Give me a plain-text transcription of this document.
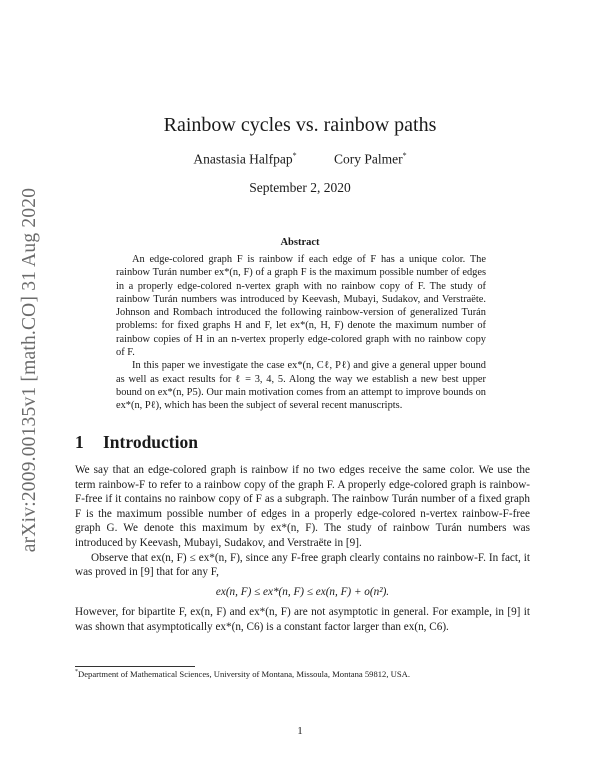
arXiv:2009.00135v1 [math.CO] 31 Aug 2020
Rainbow cycles vs. rainbow paths
Anastasia Halfpap*	Cory Palmer*
September 2, 2020
Abstract

An edge-colored graph F is rainbow if each edge of F has a unique color. The rainbow Turán number ex*(n, F) of a graph F is the maximum possible number of edges in a properly edge-colored n-vertex graph with no rainbow copy of F. The study of rainbow Turán numbers was introduced by Keevash, Mubayi, Sudakov, and Verstraëte. Johnson and Rombach introduced the following rainbow-version of generalized Turán problems: for fixed graphs H and F, let ex*(n, H, F) denote the maximum number of rainbow copies of H in an n-vertex properly edge-colored graph with no rainbow copy of F.

In this paper we investigate the case ex*(n, Cℓ, Pℓ) and give a general upper bound as well as exact results for ℓ = 3, 4, 5. Along the way we establish a new best upper bound on ex*(n, P5). Our main motivation comes from an attempt to improve bounds on ex*(n, Pℓ), which has been the subject of several recent manuscripts.

1 Introduction

We say that an edge-colored graph is rainbow if no two edges receive the same color. We use the term rainbow-F to refer to a rainbow copy of the graph F. A properly edge-colored graph is rainbow-F-free if it contains no rainbow copy of F as a subgraph. The rainbow Turán number of a fixed graph F is the maximum possible number of edges in a properly edge-colored n-vertex rainbow-F-free graph G. We denote this maximum by ex*(n, F). The study of rainbow Turán numbers was introduced by Keevash, Mubayi, Sudakov, and Verstraëte in [9].

Observe that ex(n, F) ≤ ex*(n, F), since any F-free graph clearly contains no rainbow-F. In fact, it was proved in [9] that for any F,

ex(n, F) ≤ ex*(n, F) ≤ ex(n, F) + o(n²).

However, for bipartite F, ex(n, F) and ex*(n, F) are not asymptotic in general. For example, in [9] it was shown that asymptotically ex*(n, C6) is a constant factor larger than ex(n, C6).

*Department of Mathematical Sciences, University of Montana, Missoula, Montana 59812, USA.
1
